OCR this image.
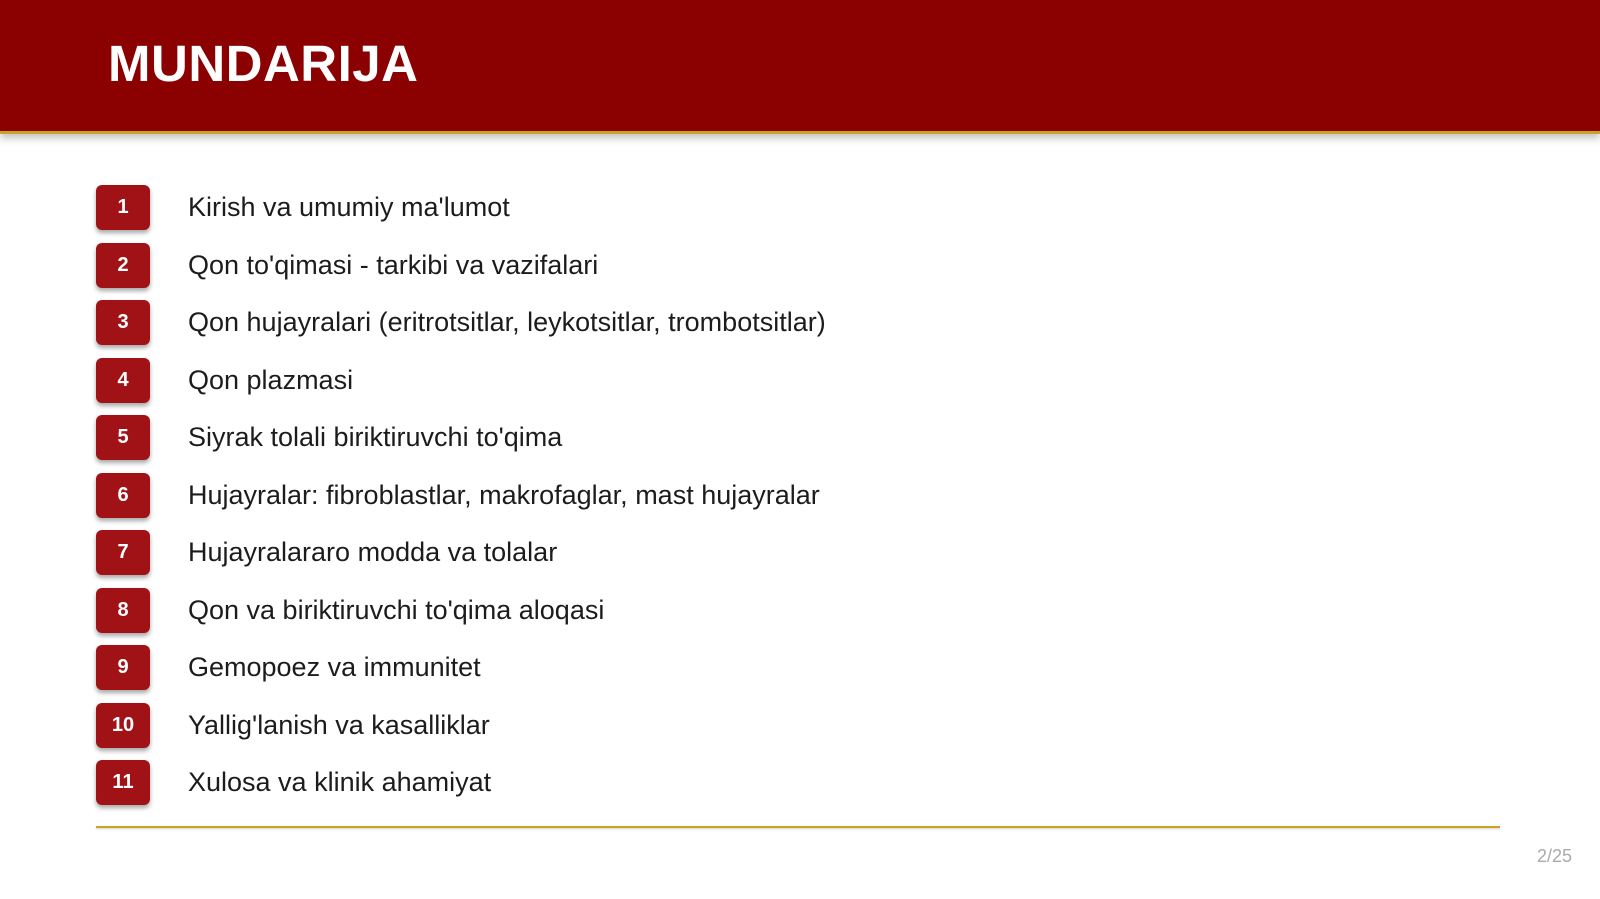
MUNDARIJA
1	Kirish va umumiy ma'lumot
2	Qon to'qimasi - tarkibi va vazifalari
3	Qon hujayralari (eritrotsitlar, leykotsitlar, trombotsitlar)
4	Qon plazmasi
5	Siyrak tolali biriktiruvchi to'qima
6	Hujayralar: fibroblastlar, makrofaglar, mast hujayralar
7	Hujayralararo modda va tolalar
8	Qon va biriktiruvchi to'qima aloqasi
9	Gemopoez va immunitet
10	Yallig'lanish va kasalliklar
11	Xulosa va klinik ahamiyat
2/25
